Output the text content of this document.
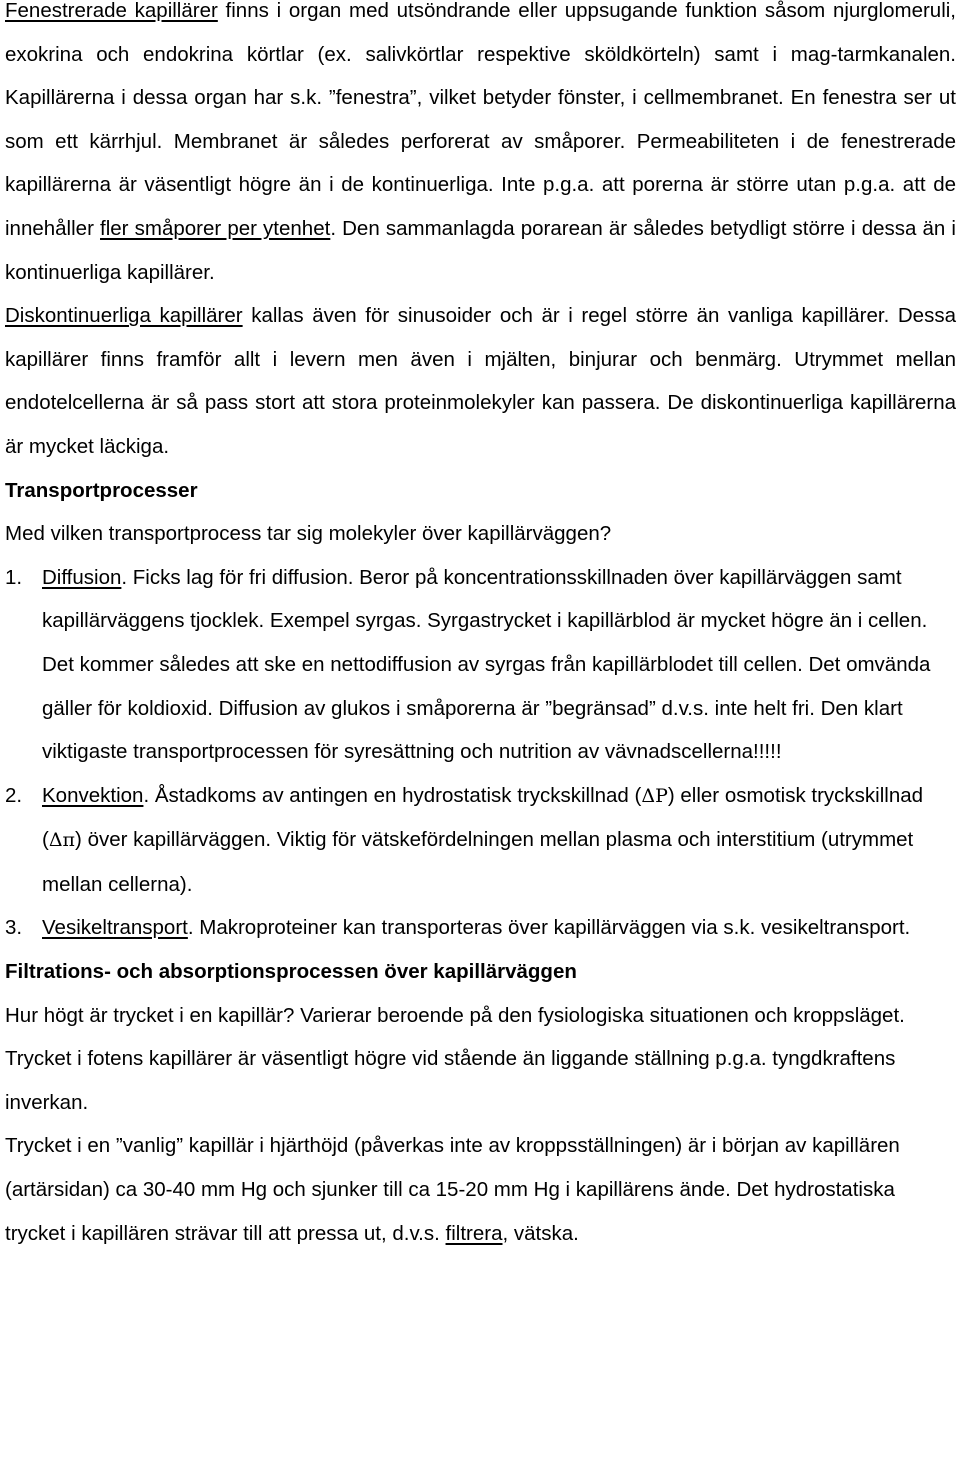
Fenestrerade kapillärer finns i organ med utsöndrande eller uppsugande funktion såsom njurglomeruli, exokrina och endokrina körtlar (ex. salivkörtlar respektive sköldkörteln) samt i mag-tarmkanalen. Kapillärerna i dessa organ har s.k. ”fenestra”, vilket betyder fönster, i cellmembranet. En fenestra ser ut som ett kärrhjul. Membranet är således perforerat av småporer. Permeabiliteten i de fenestrerade kapillärerna är väsentligt högre än i de kontinuerliga. Inte p.g.a. att porerna är större utan p.g.a. att de innehåller fler småporer per ytenhet. Den sammanlagda porarean är således betydligt större i dessa än i kontinuerliga kapillärer.

Diskontinuerliga kapillärer kallas även för sinusoider och är i regel större än vanliga kapillärer. Dessa kapillärer finns framför allt i levern men även i mjälten, binjurar och benmärg. Utrymmet mellan endotelcellerna är så pass stort att stora proteinmolekyler kan passera. De diskontinuerliga kapillärerna är mycket läckiga.

Transportprocesser

Med vilken transportprocess tar sig molekyler över kapillärväggen?

1. Diffusion. Ficks lag för fri diffusion. Beror på koncentrationsskillnaden över kapillärväggen samt kapillärväggens tjocklek. Exempel syrgas. Syrgastrycket i kapillärblod är mycket högre än i cellen. Det kommer således att ske en nettodiffusion av syrgas från kapillärblodet till cellen. Det omvända gäller för koldioxid. Diffusion av glukos i småporerna är ”begränsad” d.v.s. inte helt fri. Den klart viktigaste transportprocessen för syresättning och nutrition av vävnadscellerna!!!!!
2. Konvektion. Åstadkoms av antingen en hydrostatisk tryckskillnad (ΔP) eller osmotisk tryckskillnad (Δπ) över kapillärväggen. Viktig för vätskefördelningen mellan plasma och interstitium (utrymmet mellan cellerna).
3. Vesikeltransport. Makroproteiner kan transporteras över kapillärväggen via s.k. vesikeltransport.

Filtrations- och absorptionsprocessen över kapillärväggen

Hur högt är trycket i en kapillär? Varierar beroende på den fysiologiska situationen och kroppsläget. Trycket i fotens kapillärer är väsentligt högre vid stående än liggande ställning p.g.a. tyngdkraftens inverkan.

Trycket i en ”vanlig” kapillär i hjärthöjd (påverkas inte av kroppsställningen) är i början av kapillären (artärsidan) ca 30-40 mm Hg och sjunker till ca 15-20 mm Hg i kapillärens ände. Det hydrostatiska trycket i kapillären strävar till att pressa ut, d.v.s. filtrera, vätska.
